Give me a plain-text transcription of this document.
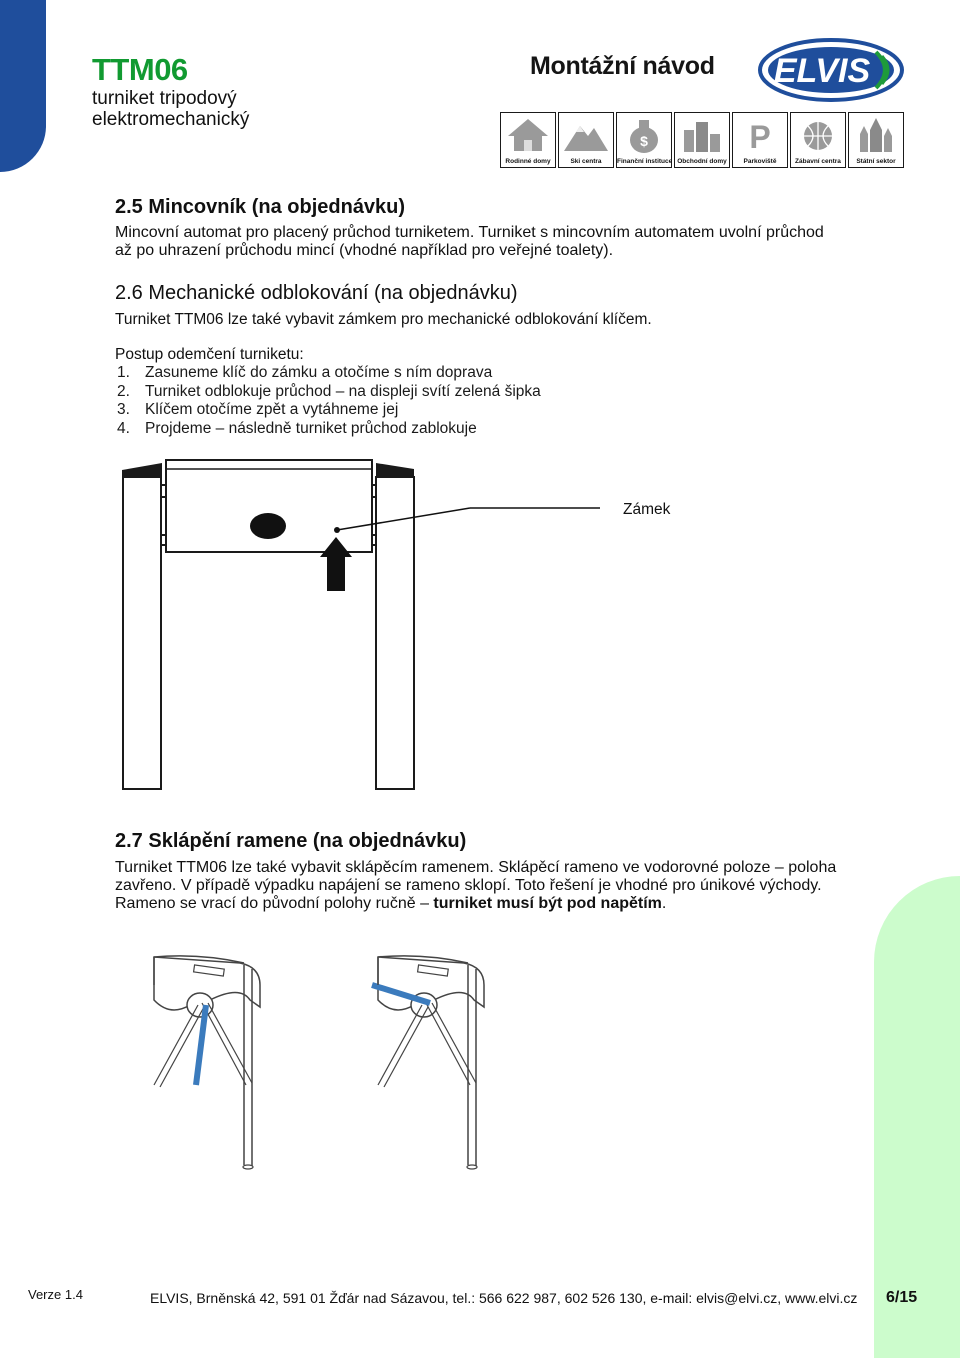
TTM06
turniket tripodový
elektromechanický
Montážní návod ELVIS
Rodinné domy	Ski centra
$
Finanční instituce Obchodní domy
P
Parkoviště	Zábavní centra	Státní sektor
2.5 Mincovník (na objednávku)
Mincovní automat pro placený průchod turniketem. Turniket s mincovním automatem uvolní průchod
až po uhrazení průchodu mincí (vhodné například pro veřejné toalety).
2.6 Mechanické odblokování (na objednávku)
Turniket TTM06 lze také vybavit zámkem pro mechanické odblokování klíčem.
Postup odemčení turniketu:
1. Zasuneme klíč do zámku a otočíme s ním doprava
2. Turniket odblokuje průchod – na displeji svítí zelená šipka
3. Klíčem otočíme zpět a vytáhneme jej
4. Projdeme – následně turniket průchod zablokuje
Zámek
2.7 Sklápění ramene (na objednávku)
Turniket TTM06 lze také vybavit sklápěcím ramenem. Sklápěcí rameno ve vodorovné poloze – poloha
zavřeno. V případě výpadku napájení se rameno sklopí. Toto řešení je vhodné pro únikové východy.
Rameno se vrací do původní polohy ručně – turniket musí být pod napětím.
Verze 1.4	ELVIS, Brněnská 42, 591 01 Žďár nad Sázavou, tel.: 566 622 987, 602 526 130, e-mail: elvis@elvi.cz, www.elvi.cz 6/15
